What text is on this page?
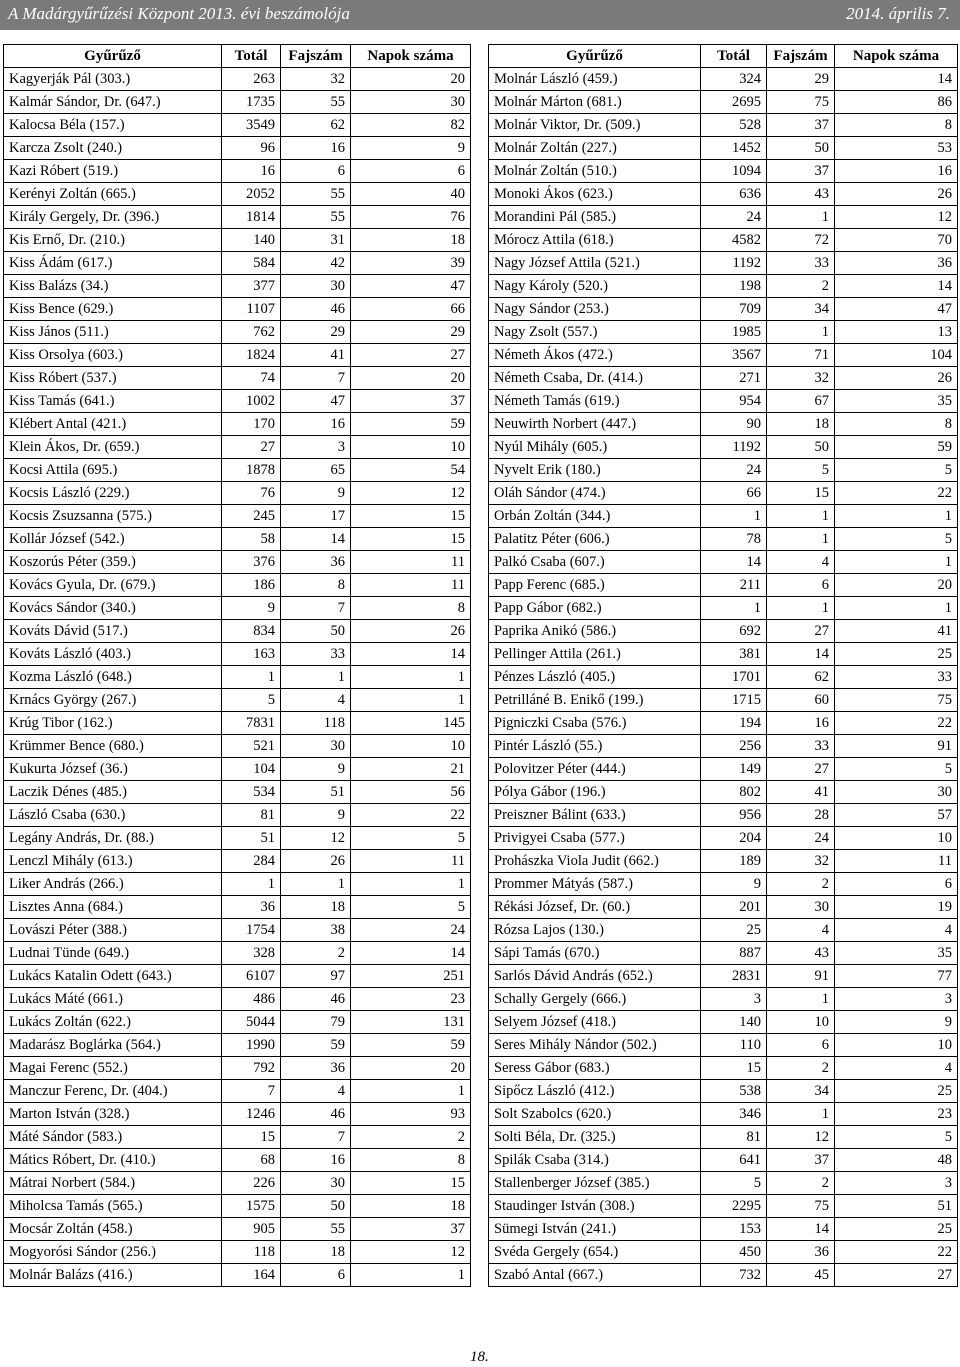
A Madárgyűrűzési Központ 2013. évi beszámolója	2014. április 7.
Gyűrűző	Totál	Fajszám	Napok száma
Kagyerják Pál (303.)	263	32	20
Kalmár Sándor, Dr. (647.)	1735	55	30
Kalocsa Béla (157.)	3549	62	82
Karcza Zsolt (240.)	96	16	9
Kazi Róbert (519.)	16	6	6
Kerényi Zoltán (665.)	2052	55	40
Király Gergely, Dr. (396.)	1814	55	76
Kis Ernő, Dr. (210.)	140	31	18
Kiss Ádám (617.)	584	42	39
Kiss Balázs (34.)	377	30	47
Kiss Bence (629.)	1107	46	66
Kiss János (511.)	762	29	29
Kiss Orsolya (603.)	1824	41	27
Kiss Róbert (537.)	74	7	20
Kiss Tamás (641.)	1002	47	37
Klébert Antal (421.)	170	16	59
Klein Ákos, Dr. (659.)	27	3	10
Kocsi Attila (695.)	1878	65	54
Kocsis László (229.)	76	9	12
Kocsis Zsuzsanna (575.)	245	17	15
Kollár József (542.)	58	14	15
Koszorús Péter (359.)	376	36	11
Kovács Gyula, Dr. (679.)	186	8	11
Kovács Sándor (340.)	9	7	8
Kováts Dávid (517.)	834	50	26
Kováts László (403.)	163	33	14
Kozma László (648.)	1	1	1
Krnács György (267.)	5	4	1
Krúg Tibor (162.)	7831	118	145
Krümmer Bence (680.)	521	30	10
Kukurta József (36.)	104	9	21
Laczik Dénes (485.)	534	51	56
László Csaba (630.)	81	9	22
Legány András, Dr. (88.)	51	12	5
Lenczl Mihály (613.)	284	26	11
Liker András (266.)	1	1	1
Lisztes Anna (684.)	36	18	5
Lovászi Péter (388.)	1754	38	24
Ludnai Tünde (649.)	328	2	14
Lukács Katalin Odett (643.)	6107	97	251
Lukács Máté (661.)	486	46	23
Lukács Zoltán (622.)	5044	79	131
Madarász Boglárka (564.)	1990	59	59
Magai Ferenc (552.)	792	36	20
Manczur Ferenc, Dr. (404.)	7	4	1
Marton István (328.)	1246	46	93
Máté Sándor (583.)	15	7	2
Mátics Róbert, Dr. (410.)	68	16	8
Mátrai Norbert (584.)	226	30	15
Miholcsa Tamás (565.)	1575	50	18
Mocsár Zoltán (458.)	905	55	37
Mogyorósi Sándor (256.)	118	18	12
Molnár Balázs (416.)	164	6	1
Gyűrűző	Totál	Fajszám	Napok száma
Molnár László (459.)	324	29	14
Molnár Márton (681.)	2695	75	86
Molnár Viktor, Dr. (509.)	528	37	8
Molnár Zoltán (227.)	1452	50	53
Molnár Zoltán (510.)	1094	37	16
Monoki Ákos (623.)	636	43	26
Morandini Pál (585.)	24	1	12
Mórocz Attila (618.)	4582	72	70
Nagy József Attila (521.)	1192	33	36
Nagy Károly (520.)	198	2	14
Nagy Sándor (253.)	709	34	47
Nagy Zsolt (557.)	1985	1	13
Németh Ákos (472.)	3567	71	104
Németh Csaba, Dr. (414.)	271	32	26
Németh Tamás (619.)	954	67	35
Neuwirth Norbert (447.)	90	18	8
Nyúl Mihály (605.)	1192	50	59
Nyvelt Erik (180.)	24	5	5
Oláh Sándor (474.)	66	15	22
Orbán Zoltán (344.)	1	1	1
Palatitz Péter (606.)	78	1	5
Palkó Csaba (607.)	14	4	1
Papp Ferenc (685.)	211	6	20
Papp Gábor (682.)	1	1	1
Paprika Anikó (586.)	692	27	41
Pellinger Attila (261.)	381	14	25
Pénzes László (405.)	1701	62	33
Petrilláné B. Enikő (199.)	1715	60	75
Pigniczki Csaba (576.)	194	16	22
Pintér László (55.)	256	33	91
Polovitzer Péter (444.)	149	27	5
Pólya Gábor (196.)	802	41	30
Preiszner Bálint (633.)	956	28	57
Privigyei Csaba (577.)	204	24	10
Prohászka Viola Judit (662.)	189	32	11
Prommer Mátyás (587.)	9	2	6
Rékási József, Dr. (60.)	201	30	19
Rózsa Lajos (130.)	25	4	4
Sápi Tamás (670.)	887	43	35
Sarlós Dávid András (652.)	2831	91	77
Schally Gergely (666.)	3	1	3
Selyem József (418.)	140	10	9
Seres Mihály Nándor (502.)	110	6	10
Seress Gábor (683.)	15	2	4
Sipőcz László (412.)	538	34	25
Solt Szabolcs (620.)	346	1	23
Solti Béla, Dr. (325.)	81	12	5
Spilák Csaba (314.)	641	37	48
Stallenberger József (385.)	5	2	3
Staudinger István (308.)	2295	75	51
Sümegi István (241.)	153	14	25
Svéda Gergely (654.)	450	36	22
Szabó Antal (667.)	732	45	27
18.
